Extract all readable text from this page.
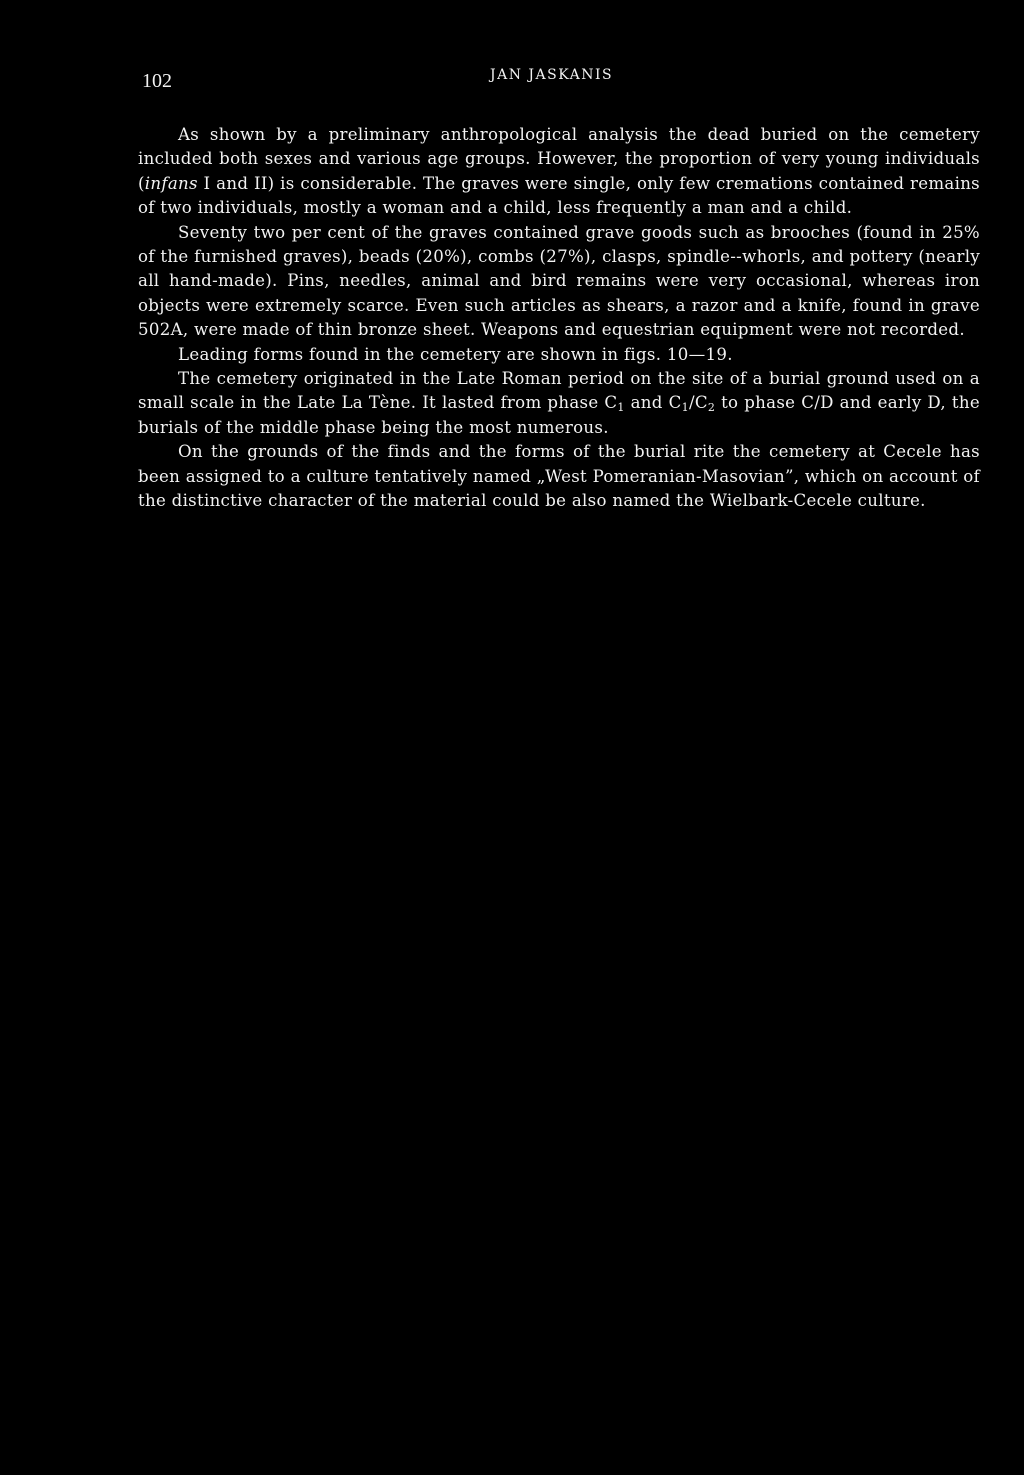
102	JAN JASKANIS

As shown by a preliminary anthropological analysis the dead buried on the cemetery included both sexes and various age groups. However, the proportion of very young individuals (infans I and II) is considerable. The graves were single, only few cremations contained remains of two individuals, mostly a woman and a child, less frequently a man and a child.

Seventy two per cent of the graves contained grave goods such as brooches (found in 25% of the furnished graves), beads (20%), combs (27%), clasps, spindle--whorls, and pottery (nearly all hand-made). Pins, needles, animal and bird remains were very occasional, whereas iron objects were extremely scarce. Even such articles as shears, a razor and a knife, found in grave 502A, were made of thin bronze sheet. Weapons and equestrian equipment were not recorded.

Leading forms found in the cemetery are shown in figs. 10—19.

The cemetery originated in the Late Roman period on the site of a burial ground used on a small scale in the Late La Tène. It lasted from phase $C_1$ and $C_1/C_2$ to phase C/D and early D, the burials of the middle phase being the most numerous.

On the grounds of the finds and the forms of the burial rite the cemetery at Cecele has been assigned to a culture tentatively named „West Pomeranian-Masovian”, which on account of the distinctive character of the material could be also named the Wielbark-Cecele culture.
